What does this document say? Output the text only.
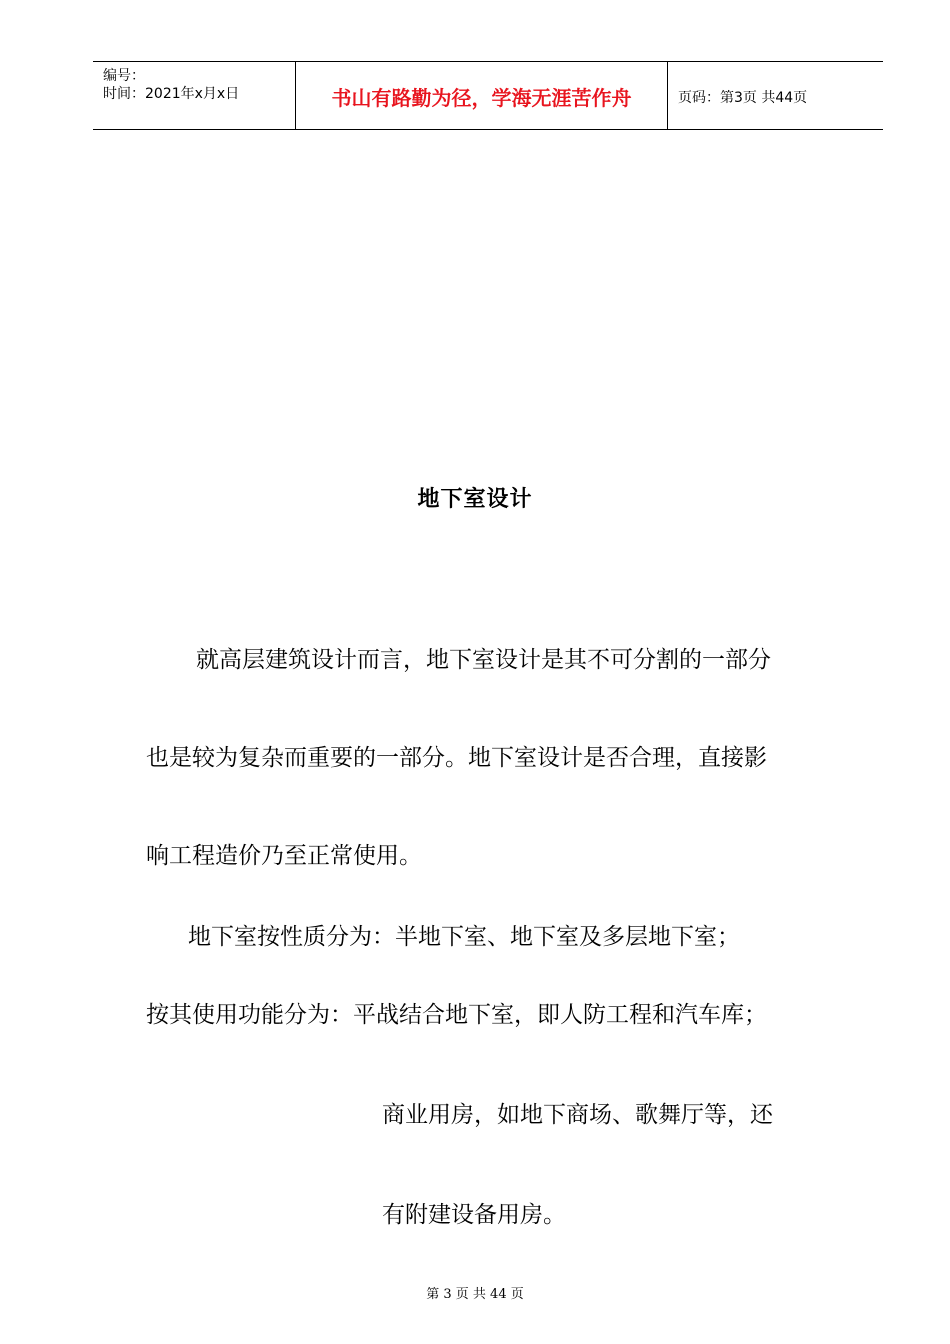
编号：
时间：2021年x月x日	书山有路勤为径，学海无涯苦作舟	页码：第3页 共44页
地下室设计
就高层建筑设计而言，地下室设计是其不可分割的一部分
也是较为复杂而重要的一部分。地下室设计是否合理，直接影
响工程造价乃至正常使用。
地下室按性质分为：半地下室、地下室及多层地下室；
按其使用功能分为：平战结合地下室，即人防工程和汽车库；
商业用房，如地下商场、歌舞厅等，还
有附建设备用房。
第 3 页 共 44 页
